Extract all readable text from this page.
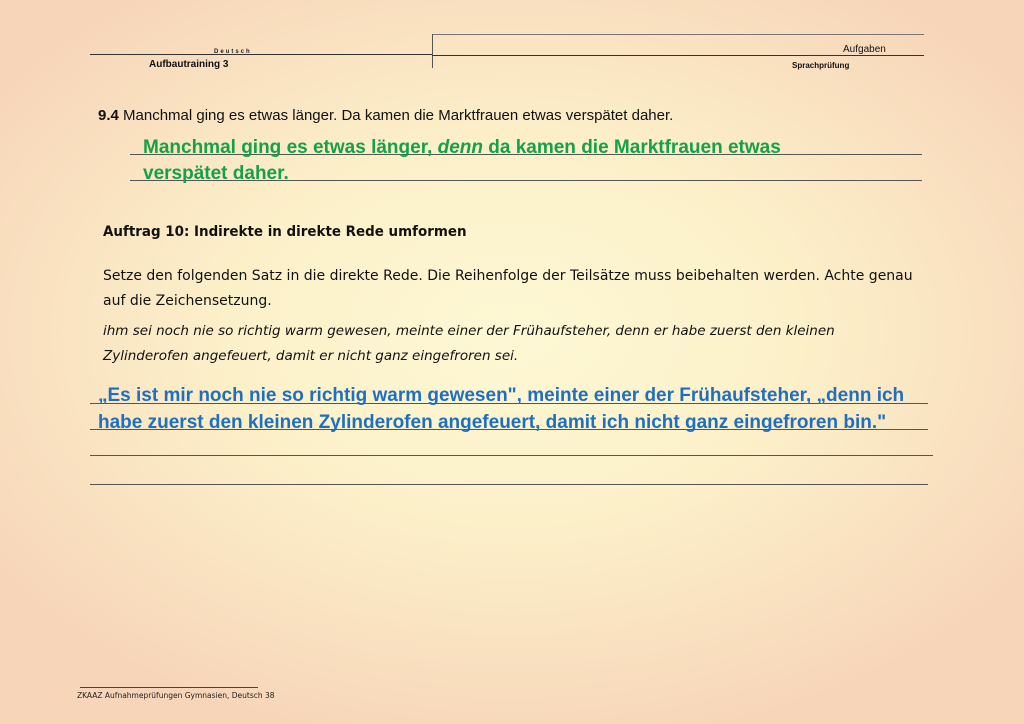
Deutsch
Aufbautraining 3
Aufgaben
Sprachprüfung
9.4 Manchmal ging es etwas länger. Da kamen die Marktfrauen etwas verspätet daher.
Manchmal ging es etwas länger, denn da kamen die Marktfrauen etwas verspätet daher.
Auftrag 10: Indirekte in direkte Rede umformen
Setze den folgenden Satz in die direkte Rede. Die Reihenfolge der Teilsätze muss beibehalten werden. Achte genau auf die Zeichensetzung.
ihm sei noch nie so richtig warm gewesen, meinte einer der Frühaufsteher, denn er habe zuerst den kleinen Zylinderofen angefeuert, damit er nicht ganz eingefroren sei.
„Es ist mir noch nie so richtig warm gewesen", meinte einer der Frühaufsteher, „denn ich habe zuerst den kleinen Zylinderofen angefeuert, damit ich nicht ganz eingefroren bin."
ZKAAZ Aufnahmeprüfungen Gymnasien, Deutsch 38
